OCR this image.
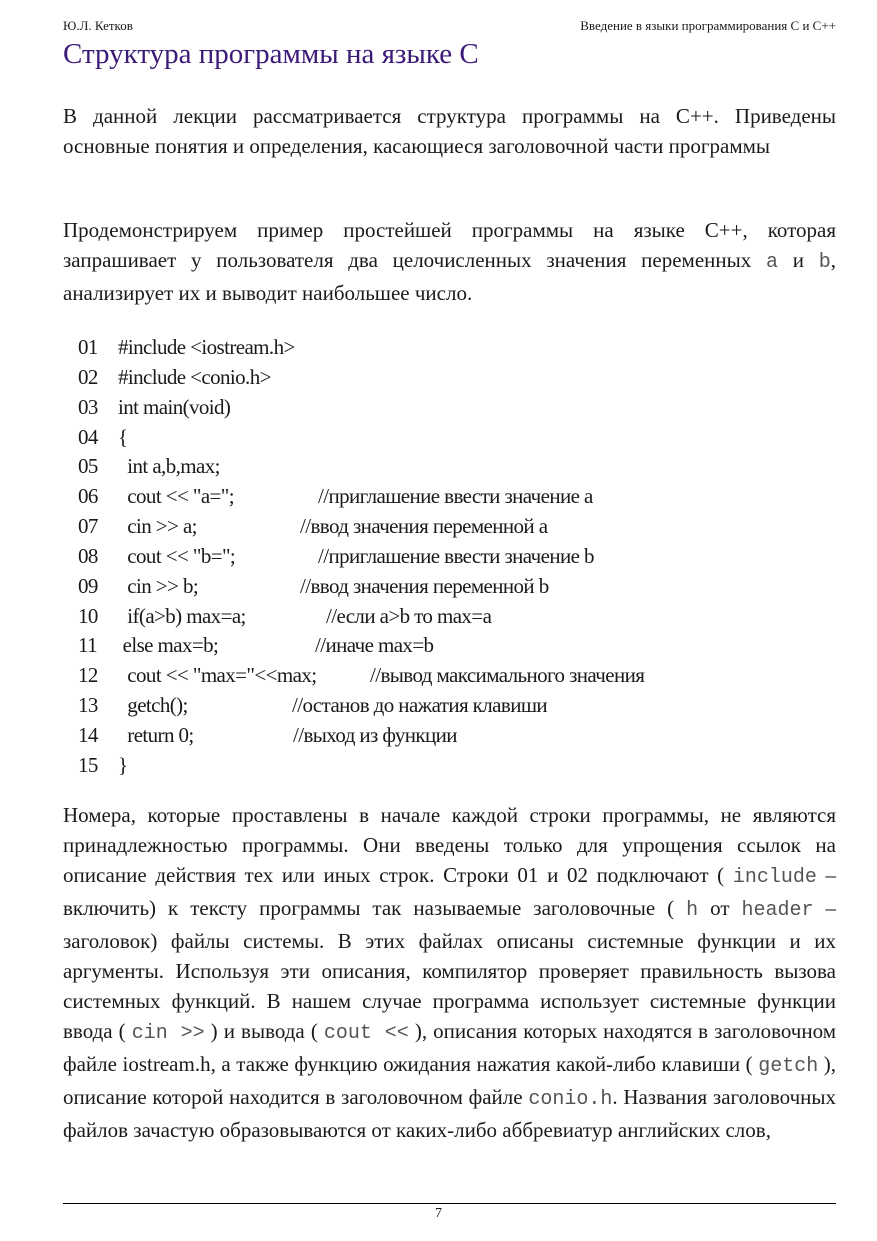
Ю.Л. Кетков	Введение в языки программирования С и С++
Структура программы на языке С

В данной лекции рассматривается структура программы на С++. Приведены основные понятия и определения, касающиеся заголовочной части программы

Продемонстрируем пример простейшей программы на языке С++, которая запрашивает у пользователя два целочисленных значения переменных a и b, анализирует их и выводит наибольшее число.

01 #include <iostream.h>
02 #include <conio.h>
03 int main(void)
04 {
05  int a,b,max;
06  cout << "a=";	//приглашение ввести значение a
07  cin >> a;	//ввод значения переменной a
08  cout << "b=";	//приглашение ввести значение b
09  cin >> b;	//ввод значения переменной b
10  if(a>b) max=a;	//если a>b то max=a
11 else max=b;	//иначе max=b
12  cout << "max="<<max;	//вывод максимального значения
13  getch();	//останов до нажатия клавиши
14  return 0;	//выход из функции
15 }

Номера, которые проставлены в начале каждой строки программы, не являются принадлежностью программы. Они введены только для упрощения ссылок на описание действия тех или иных строк. Строки 01 и 02 подключают ( include – включить) к тексту программы так называемые заголовочные ( h от header – заголовок) файлы системы. В этих файлах описаны системные функции и их аргументы. Используя эти описания, компилятор проверяет правильность вызова системных функций. В нашем случае программа использует системные функции ввода ( cin >> ) и вывода ( cout << ), описания которых находятся в заголовочном файле iostream.h, а также функцию ожидания нажатия какой-либо клавиши ( getch ), описание которой находится в заголовочном файле conio.h. Названия заголовочных файлов зачастую образовываются от каких-либо аббревиатур английских слов,

7
